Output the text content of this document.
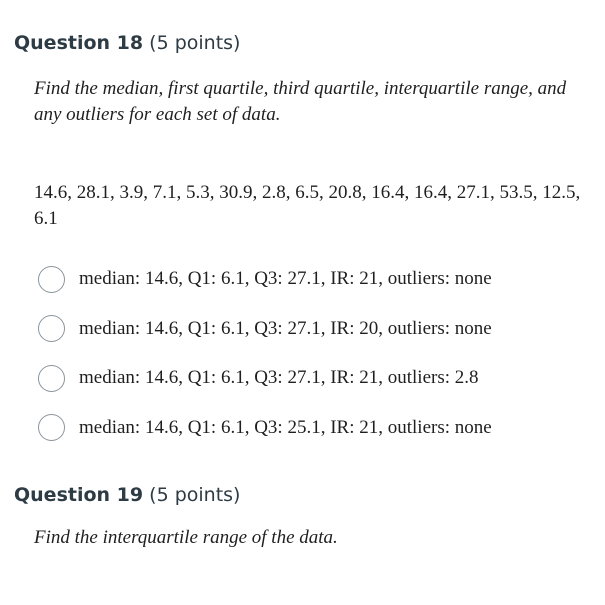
Question 18 (5 points)
Find the median, first quartile, third quartile, interquartile range, and any outliers for each set of data.
14.6, 28.1, 3.9, 7.1, 5.3, 30.9, 2.8, 6.5, 20.8, 16.4, 16.4, 27.1, 53.5, 12.5, 6.1
median: 14.6, Q1: 6.1, Q3: 27.1, IR: 21, outliers: none
median: 14.6, Q1: 6.1, Q3: 27.1, IR: 20, outliers: none
median: 14.6, Q1: 6.1, Q3: 27.1, IR: 21, outliers: 2.8
median: 14.6, Q1: 6.1, Q3: 25.1, IR: 21, outliers: none
Question 19 (5 points)
Find the interquartile range of the data.
